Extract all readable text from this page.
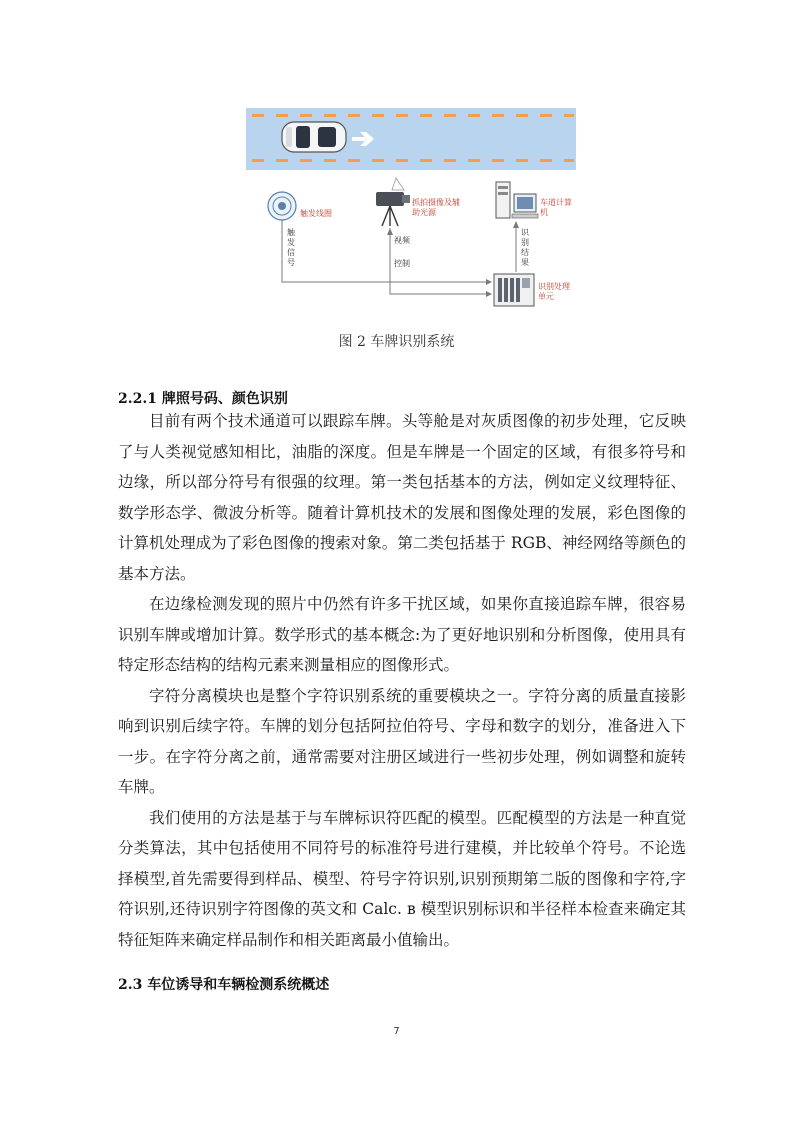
触发线圈
抓拍摄像及辅助光源
车道计算机
触发信号
视频
控制
识别结果
识别处理单元
图 2 车牌识别系统
2.2.1 牌照号码、颜色识别

目前有两个技术通道可以跟踪车牌。头等舱是对灰质图像的初步处理，它反映了与人类视觉感知相比，油脂的深度。但是车牌是一个固定的区域，有很多符号和边缘，所以部分符号有很强的纹理。第一类包括基本的方法，例如定义纹理特征、数学形态学、微波分析等。随着计算机技术的发展和图像处理的发展，彩色图像的计算机处理成为了彩色图像的搜索对象。第二类包括基于 RGB、神经网络等颜色的基本方法。

在边缘检测发现的照片中仍然有许多干扰区域，如果你直接追踪车牌，很容易识别车牌或增加计算。数学形式的基本概念:为了更好地识别和分析图像，使用具有特定形态结构的结构元素来测量相应的图像形式。

字符分离模块也是整个字符识别系统的重要模块之一。字符分离的质量直接影响到识别后续字符。车牌的划分包括阿拉伯符号、字母和数字的划分，准备进入下一步。在字符分离之前，通常需要对注册区域进行一些初步处理，例如调整和旋转车牌。

我们使用的方法是基于与车牌标识符匹配的模型。匹配模型的方法是一种直觉分类算法，其中包括使用不同符号的标准符号进行建模，并比较单个符号。不论选择模型,首先需要得到样品、模型、符号字符识别,识别预期第二版的图像和字符,字符识别,还待识别字符图像的英文和 Calc. в 模型识别标识和半径样本检查来确定其特征矩阵来确定样品制作和相关距离最小值输出。

2.3 车位诱导和车辆检测系统概述
7
